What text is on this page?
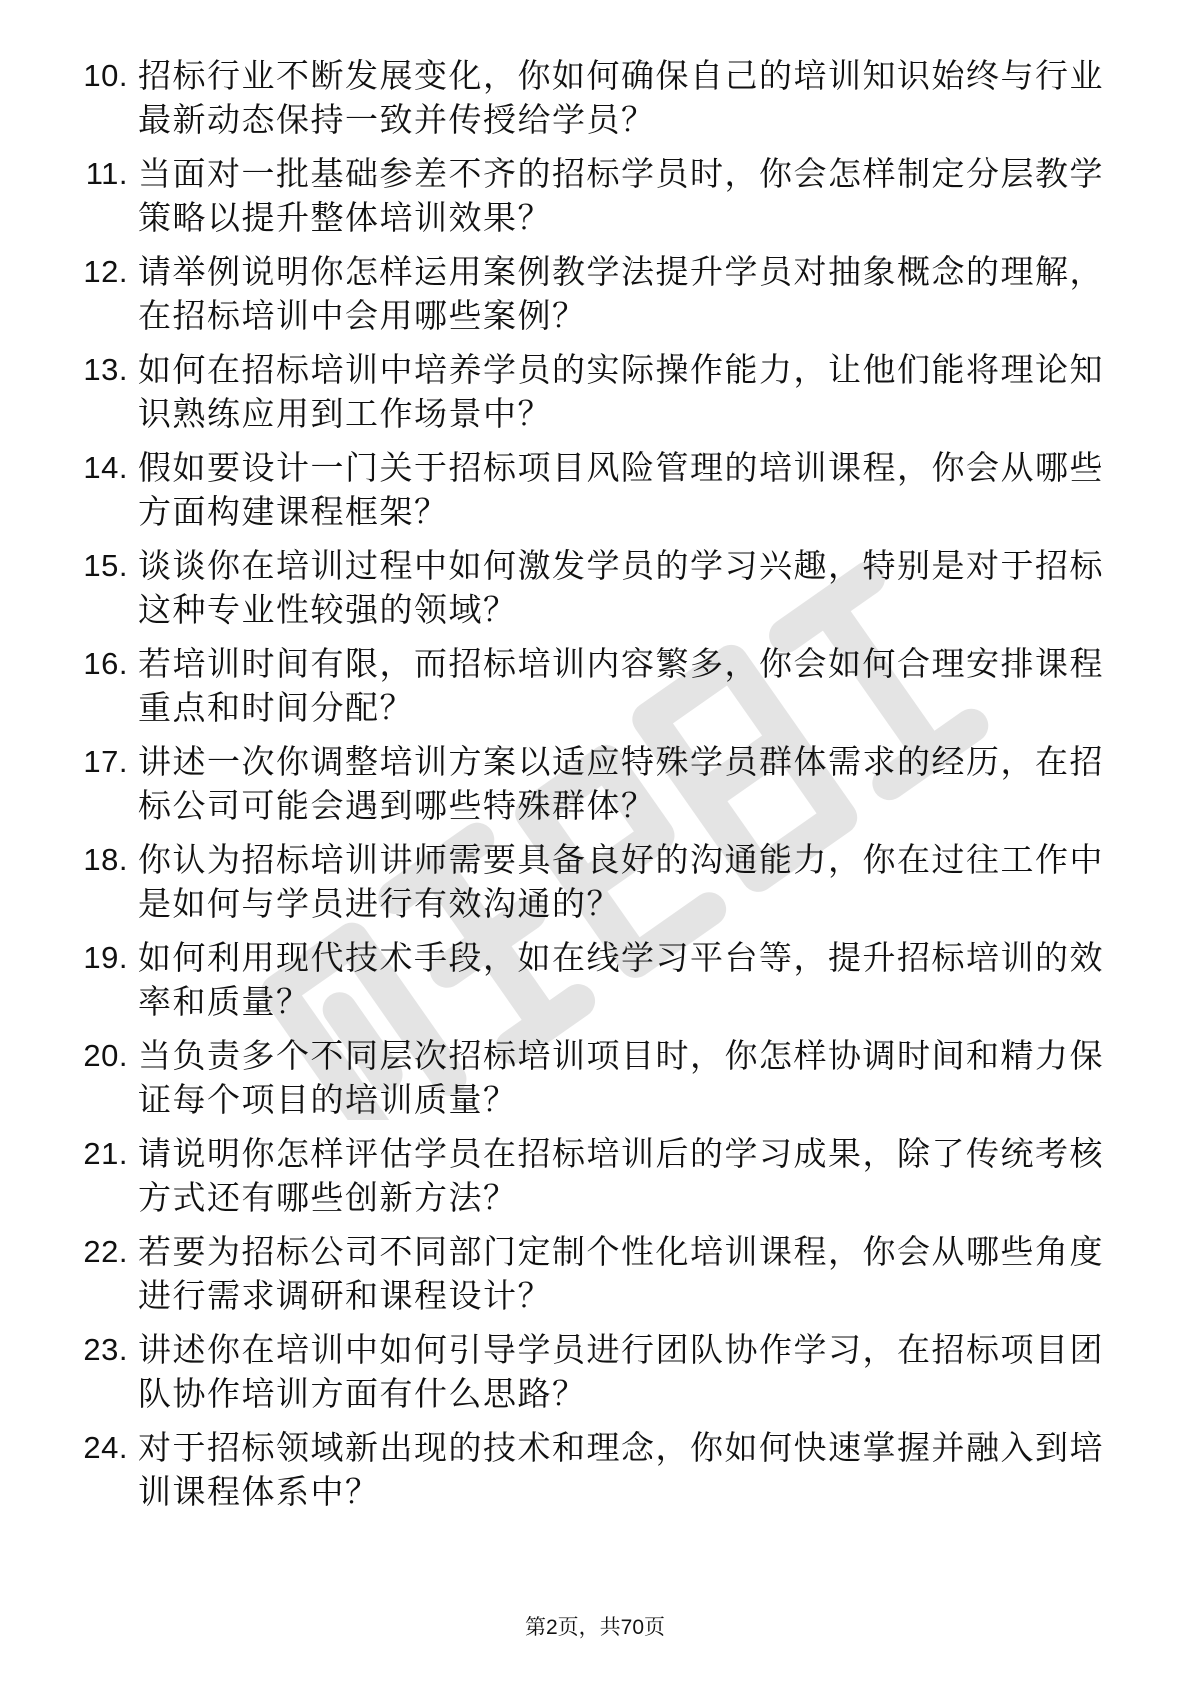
10. 招标行业不断发展变化，你如何确保自己的培训知识始终与行业最新动态保持一致并传授给学员？

11. 当面对一批基础参差不齐的招标学员时，你会怎样制定分层教学策略以提升整体培训效果？

12. 请举例说明你怎样运用案例教学法提升学员对抽象概念的理解，在招标培训中会用哪些案例？

13. 如何在招标培训中培养学员的实际操作能力，让他们能将理论知识熟练应用到工作场景中？

14. 假如要设计一门关于招标项目风险管理的培训课程，你会从哪些方面构建课程框架？

15. 谈谈你在培训过程中如何激发学员的学习兴趣，特别是对于招标这种专业性较强的领域？

16. 若培训时间有限，而招标培训内容繁多，你会如何合理安排课程重点和时间分配？

17. 讲述一次你调整培训方案以适应特殊学员群体需求的经历，在招标公司可能会遇到哪些特殊群体？

18. 你认为招标培训讲师需要具备良好的沟通能力，你在过往工作中是如何与学员进行有效沟通的？

19. 如何利用现代技术手段，如在线学习平台等，提升招标培训的效率和质量？

20. 当负责多个不同层次招标培训项目时，你怎样协调时间和精力保证每个项目的培训质量？

21. 请说明你怎样评估学员在招标培训后的学习成果，除了传统考核方式还有哪些创新方法？

22. 若要为招标公司不同部门定制个性化培训课程，你会从哪些角度进行需求调研和课程设计？

23. 讲述你在培训中如何引导学员进行团队协作学习，在招标项目团队协作培训方面有什么思路？

24. 对于招标领域新出现的技术和理念，你如何快速掌握并融入到培训课程体系中？

第2页，共70页
